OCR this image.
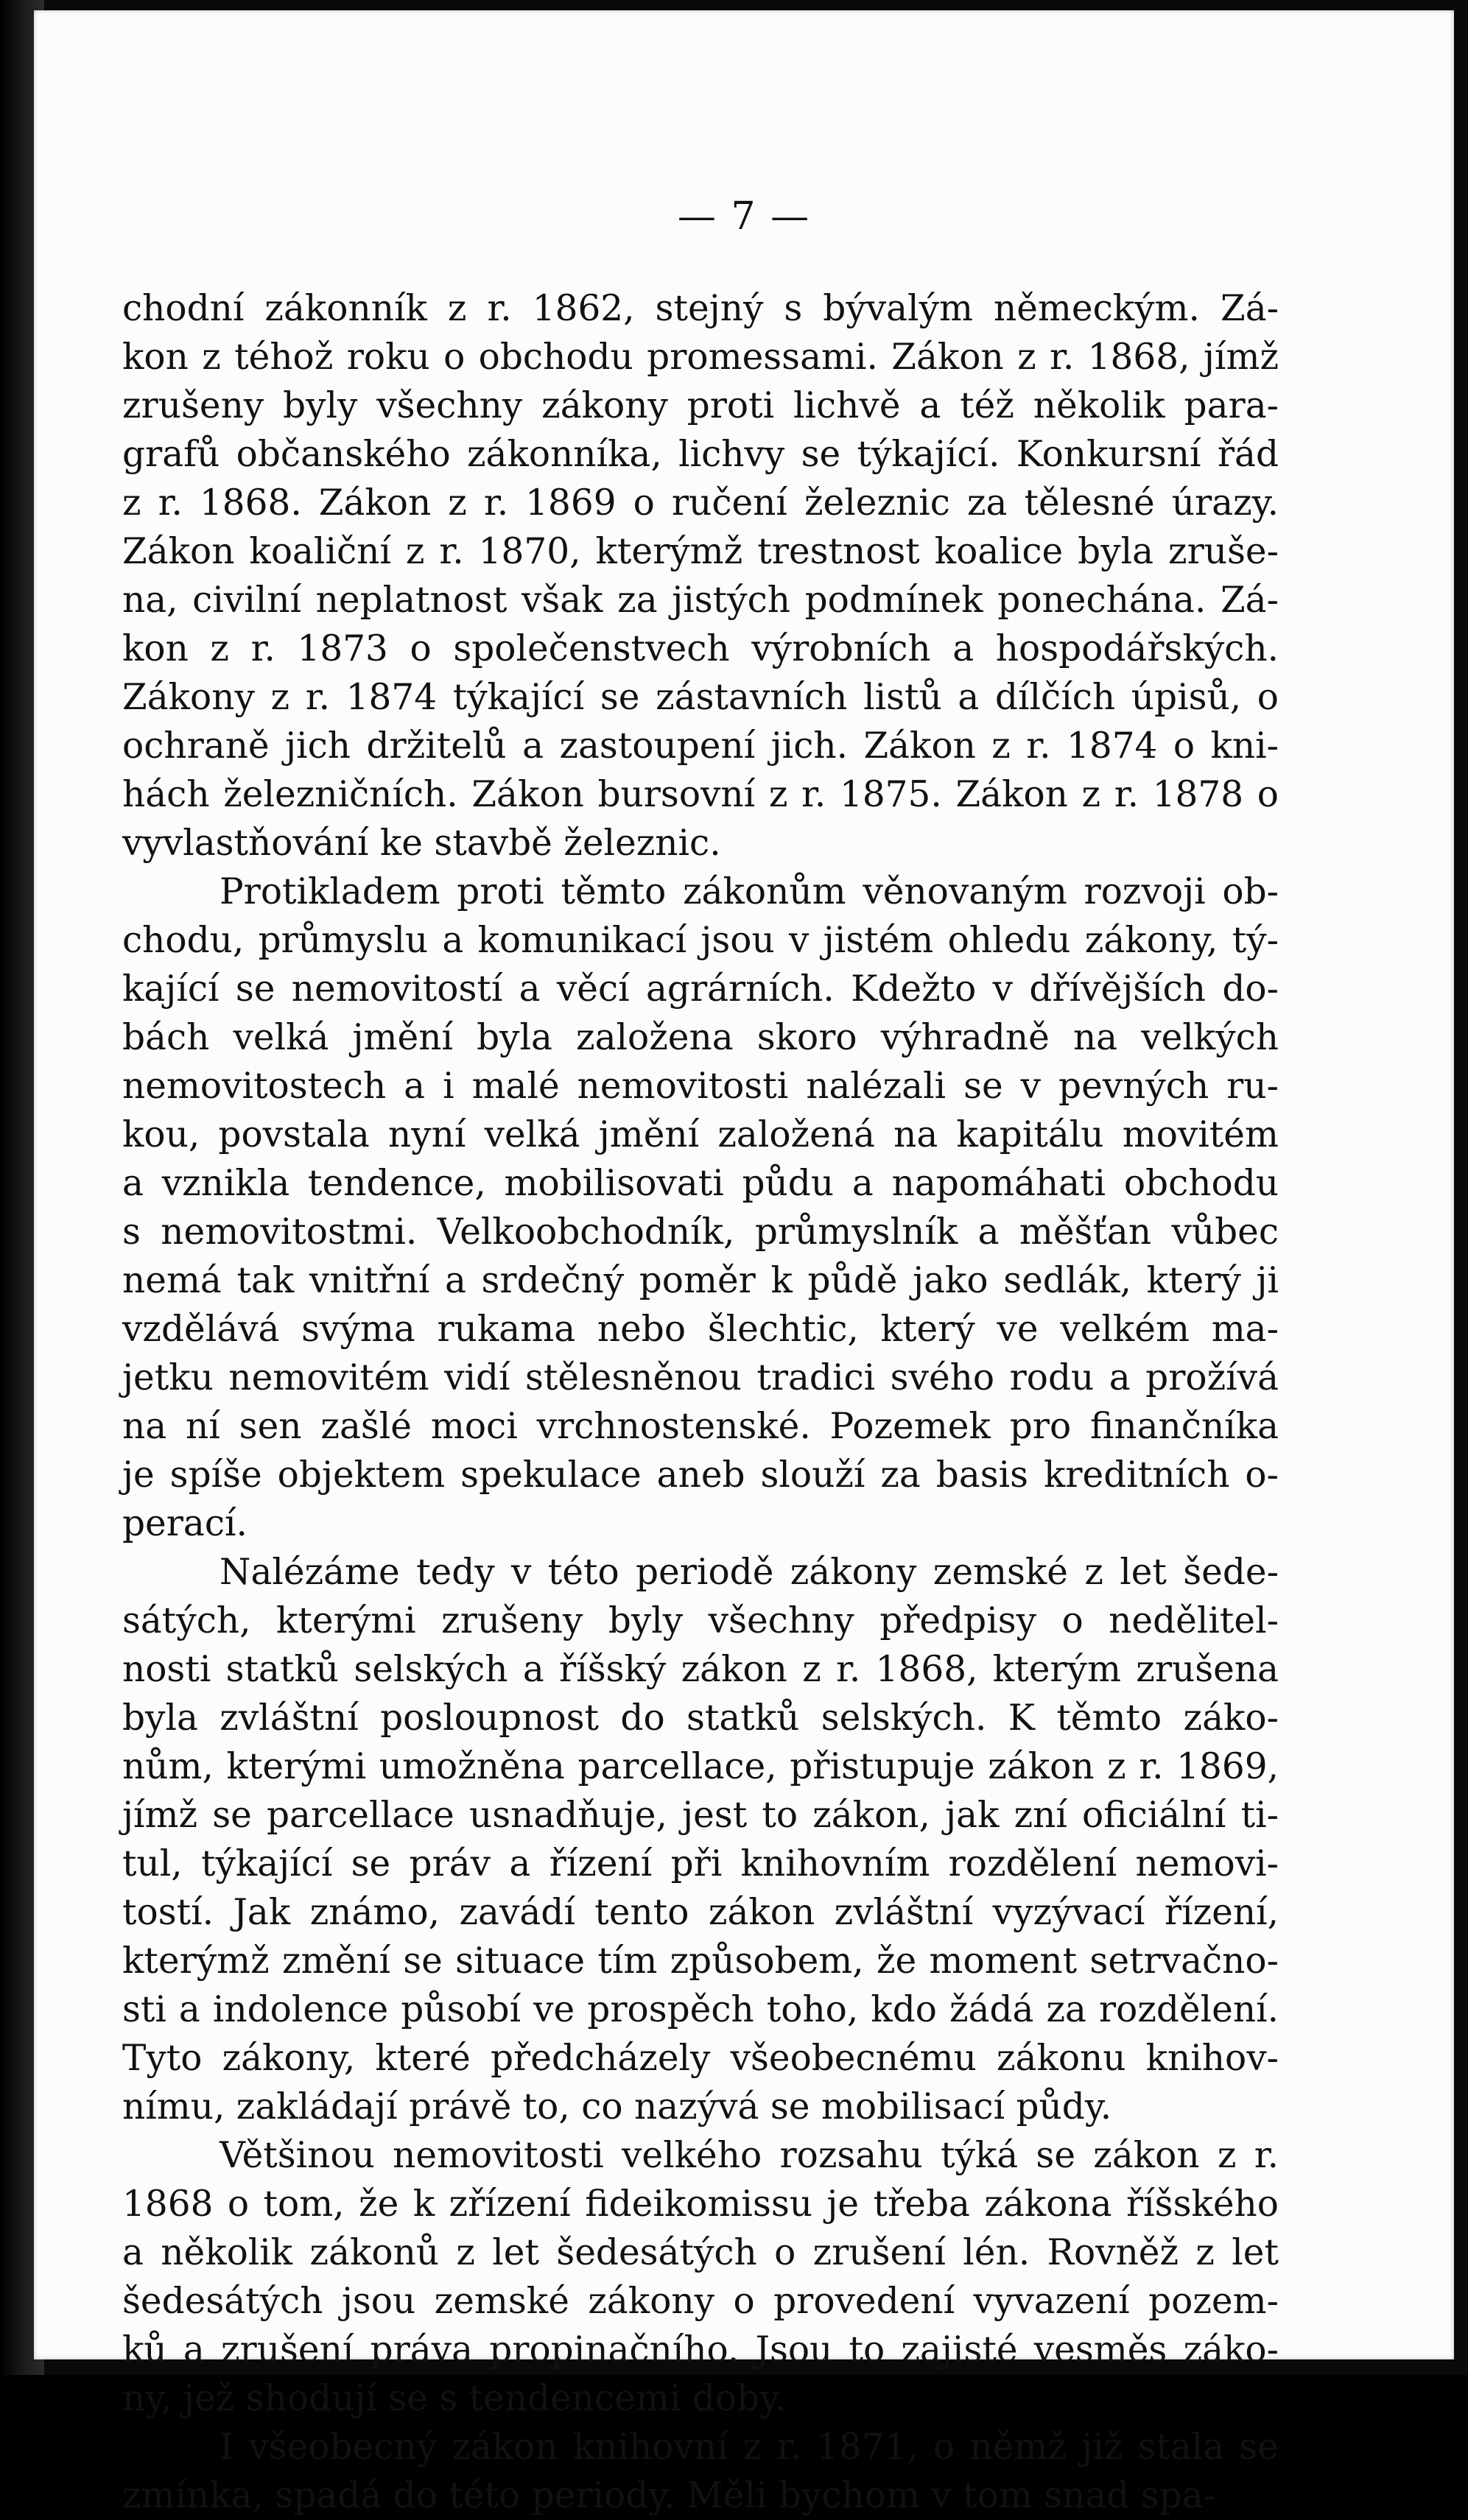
— 7 —

chodní zákonník z r. 1862, stejný s bývalým německým. Zá-
kon z téhož roku o obchodu promessami. Zákon z r. 1868, jímž
zrušeny byly všechny zákony proti lichvě a též několik para-
grafů občanského zákonníka, lichvy se týkající. Konkursní řád
z r. 1868. Zákon z r. 1869 o ručení železnic za tělesné úrazy.
Zákon koaliční z r. 1870, kterýmž trestnost koalice byla zruše-
na, civilní neplatnost však za jistých podmínek ponechána. Zá-
kon z r. 1873 o společenstvech výrobních a hospodářských.
Zákony z r. 1874 týkající se zástavních listů a dílčích úpisů, o
ochraně jich držitelů a zastoupení jich. Zákon z r. 1874 o kni-
hách železničních. Zákon bursovní z r. 1875. Zákon z r. 1878 o
vyvlastňování ke stavbě železnic.

Protikladem proti těmto zákonům věnovaným rozvoji ob-
chodu, průmyslu a komunikací jsou v jistém ohledu zákony, tý-
kající se nemovitostí a věcí agrárních. Kdežto v dřívějších do-
bách velká jmění byla založena skoro výhradně na velkých
nemovitostech a i malé nemovitosti nalézali se v pevných ru-
kou, povstala nyní velká jmění založená na kapitálu movitém
a vznikla tendence, mobilisovati půdu a napomáhati obchodu
s nemovitostmi. Velkoobchodník, průmyslník a měšťan vůbec
nemá tak vnitřní a srdečný poměr k půdě jako sedlák, který ji
vzdělává svýma rukama nebo šlechtic, který ve velkém ma-
jetku nemovitém vidí stělesněnou tradici svého rodu a prožívá
na ní sen zašlé moci vrchnostenské. Pozemek pro finančníka
je spíše objektem spekulace aneb slouží za basis kreditních o-
perací.

Nalézáme tedy v této periodě zákony zemské z let šede-
sátých, kterými zrušeny byly všechny předpisy o nedělitel-
nosti statků selských a říšský zákon z r. 1868, kterým zrušena
byla zvláštní posloupnost do statků selských. K těmto záko-
nům, kterými umožněna parcellace, přistupuje zákon z r. 1869,
jímž se parcellace usnadňuje, jest to zákon, jak zní oficiální ti-
tul, týkající se práv a řízení při knihovním rozdělení nemovi-
tostí. Jak známo, zavádí tento zákon zvláštní vyzývací řízení,
kterýmž změní se situace tím způsobem, že moment setrvačno-
sti a indolence působí ve prospěch toho, kdo žádá za rozdělení.
Tyto zákony, které předcházely všeobecnému zákonu knihov-
nímu, zakládají právě to, co nazývá se mobilisací půdy.

Většinou nemovitosti velkého rozsahu týká se zákon z r.
1868 o tom, že k zřízení fideikomissu je třeba zákona říšského
a několik zákonů z let šedesátých o zrušení lén. Rovněž z let
šedesátých jsou zemské zákony o provedení vyvazení pozem-
ků a zrušení práva propinačního. Jsou to zajisté vesměs záko-
ny, jež shodují se s tendencemi doby.

I všeobecný zákon knihovní z r. 1871, o němž již stala se
zmínka, spadá do této periody. Měli bychom v tom snad spa-
